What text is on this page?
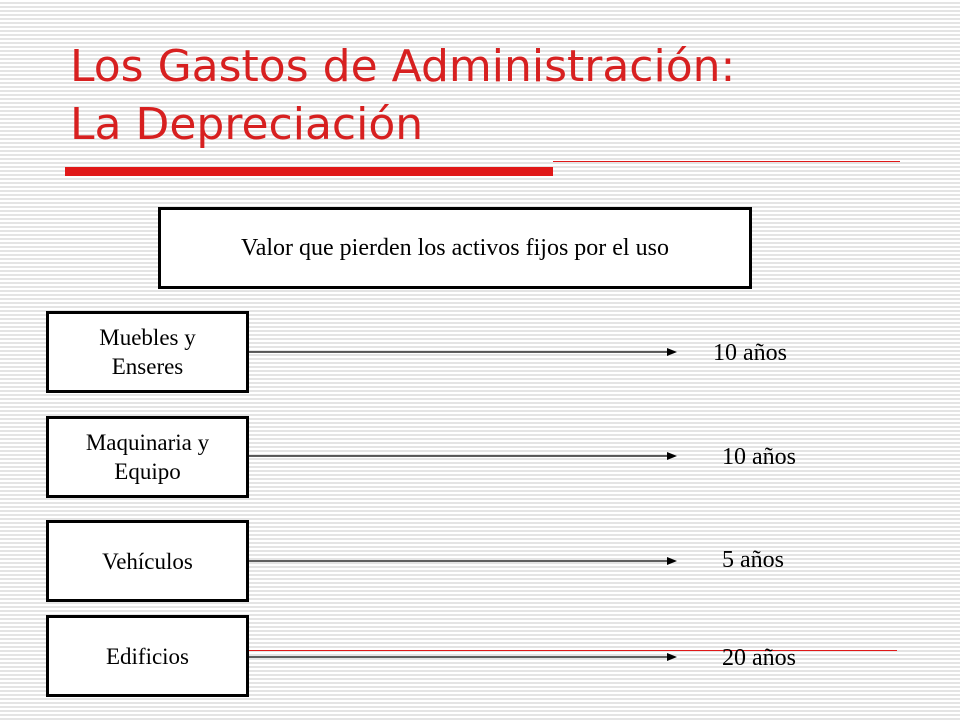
Los Gastos de Administración:
La Depreciación
Valor que pierden los activos fijos por el uso
Muebles y
Enseres
Maquinaria y
Equipo
Vehículos
Edificios
10 años
10 años
5 años
20 años
